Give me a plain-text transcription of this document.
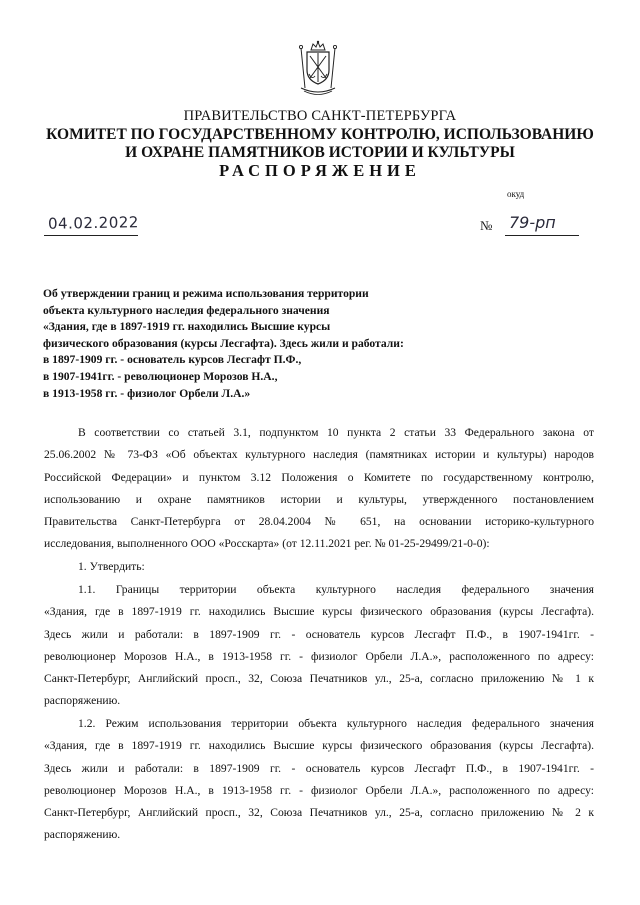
ПРАВИТЕЛЬСТВО САНКТ-ПЕТЕРБУРГА
КОМИТЕТ ПО ГОСУДАРСТВЕННОМУ КОНТРОЛЮ, ИСПОЛЬЗОВАНИЮ
И ОХРАНЕ ПАМЯТНИКОВ ИСТОРИИ И КУЛЬТУРЫ
РАСПОРЯЖЕНИЕ
окуд
04.02.2022	№ 79-рп
Об утверждении границ и режима использования территории
объекта культурного наследия федерального значения
«Здания, где в 1897-1919 гг. находились Высшие курсы
физического образования (курсы Лесгафта). Здесь жили и работали:
в 1897-1909 гг. - основатель курсов Лесгафт П.Ф.,
в 1907-1941гг. - революционер Морозов Н.А.,
в 1913-1958 гг. - физиолог Орбели Л.А.»
В соответствии со статьей 3.1, подпунктом 10 пункта 2 статьи 33 Федерального закона от
25.06.2002 № 73-ФЗ «Об объектах культурного наследия (памятниках истории и культуры) народов
Российской Федерации» и пунктом 3.12 Положения о Комитете по государственному контролю,
использованию и охране памятников истории и культуры, утвержденного постановлением
Правительства Санкт-Петербурга от 28.04.2004 № 651, на основании историко-культурного
исследования, выполненного ООО «Росскарта» (от 12.11.2021 рег. № 01-25-29499/21-0-0):
1. Утвердить:
1.1. Границы территории объекта культурного наследия федерального значения
«Здания, где в 1897-1919 гг. находились Высшие курсы физического образования (курсы Лесгафта).
Здесь жили и работали: в 1897-1909 гг. - основатель курсов Лесгафт П.Ф., в 1907-1941гг. -
революционер Морозов Н.А., в 1913-1958 гг. - физиолог Орбели Л.А.», расположенного по адресу:
Санкт-Петербург, Английский просп., 32, Союза Печатников ул., 25-а, согласно приложению № 1 к
распоряжению.
1.2. Режим использования территории объекта культурного наследия федерального значения
«Здания, где в 1897-1919 гг. находились Высшие курсы физического образования (курсы Лесгафта).
Здесь жили и работали: в 1897-1909 гг. - основатель курсов Лесгафт П.Ф., в 1907-1941гг. -
революционер Морозов Н.А., в 1913-1958 гг. - физиолог Орбели Л.А.», расположенного по адресу:
Санкт-Петербург, Английский просп., 32, Союза Печатников ул., 25-а, согласно приложению № 2 к
распоряжению.
